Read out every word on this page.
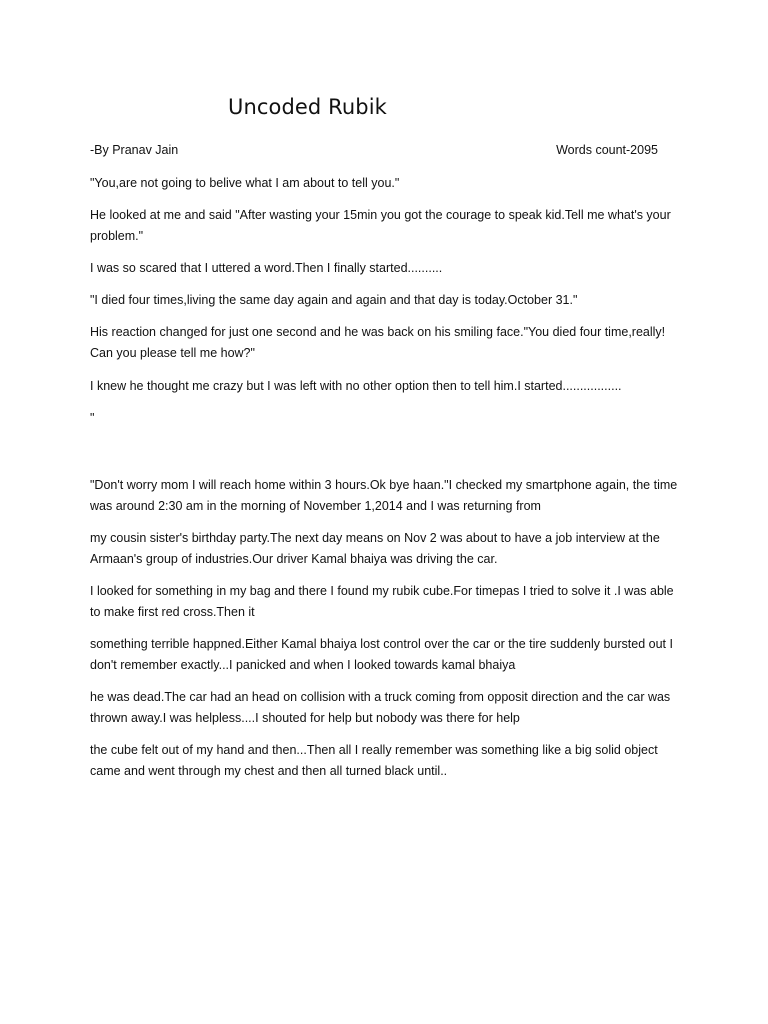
Uncoded Rubik
-By Pranav Jain	Words count-2095

"You,are not going to belive what I am about to tell you."

He looked at me and said "After wasting your 15min you got the courage to speak kid.Tell me what's your problem."

I was so scared that I uttered a word.Then I finally started..........

"I died four times,living the same day again and again and that day is today.October 31."

His reaction changed for just one second and he was back on his smiling face."You died four time,really! Can you please tell me how?"

I knew he thought me crazy but I was left with no other option then to tell him.I started.................

"

"Don't worry mom I will reach home within 3 hours.Ok bye haan."I checked my smartphone again, the time was around 2:30 am in the morning of November 1,2014 and I was returning from

my cousin sister's birthday party.The next day means on Nov 2 was about to have a job interview at the Armaan's group of industries.Our driver Kamal bhaiya was driving the car.

I looked for something in my bag and there I found my rubik cube.For timepas I tried to solve it .I was able to make first red cross.Then it

something terrible happned.Either Kamal bhaiya lost control over the car or the tire suddenly bursted out I don't remember exactly...I panicked and when I looked towards kamal bhaiya

he was dead.The car had an head on collision with a truck coming from opposit direction and the car was thrown away.I was helpless....I shouted for help but nobody was there for help

the cube felt out of my hand and then...Then all I really remember was something like a big solid object came and went through my chest and then all turned black until..
